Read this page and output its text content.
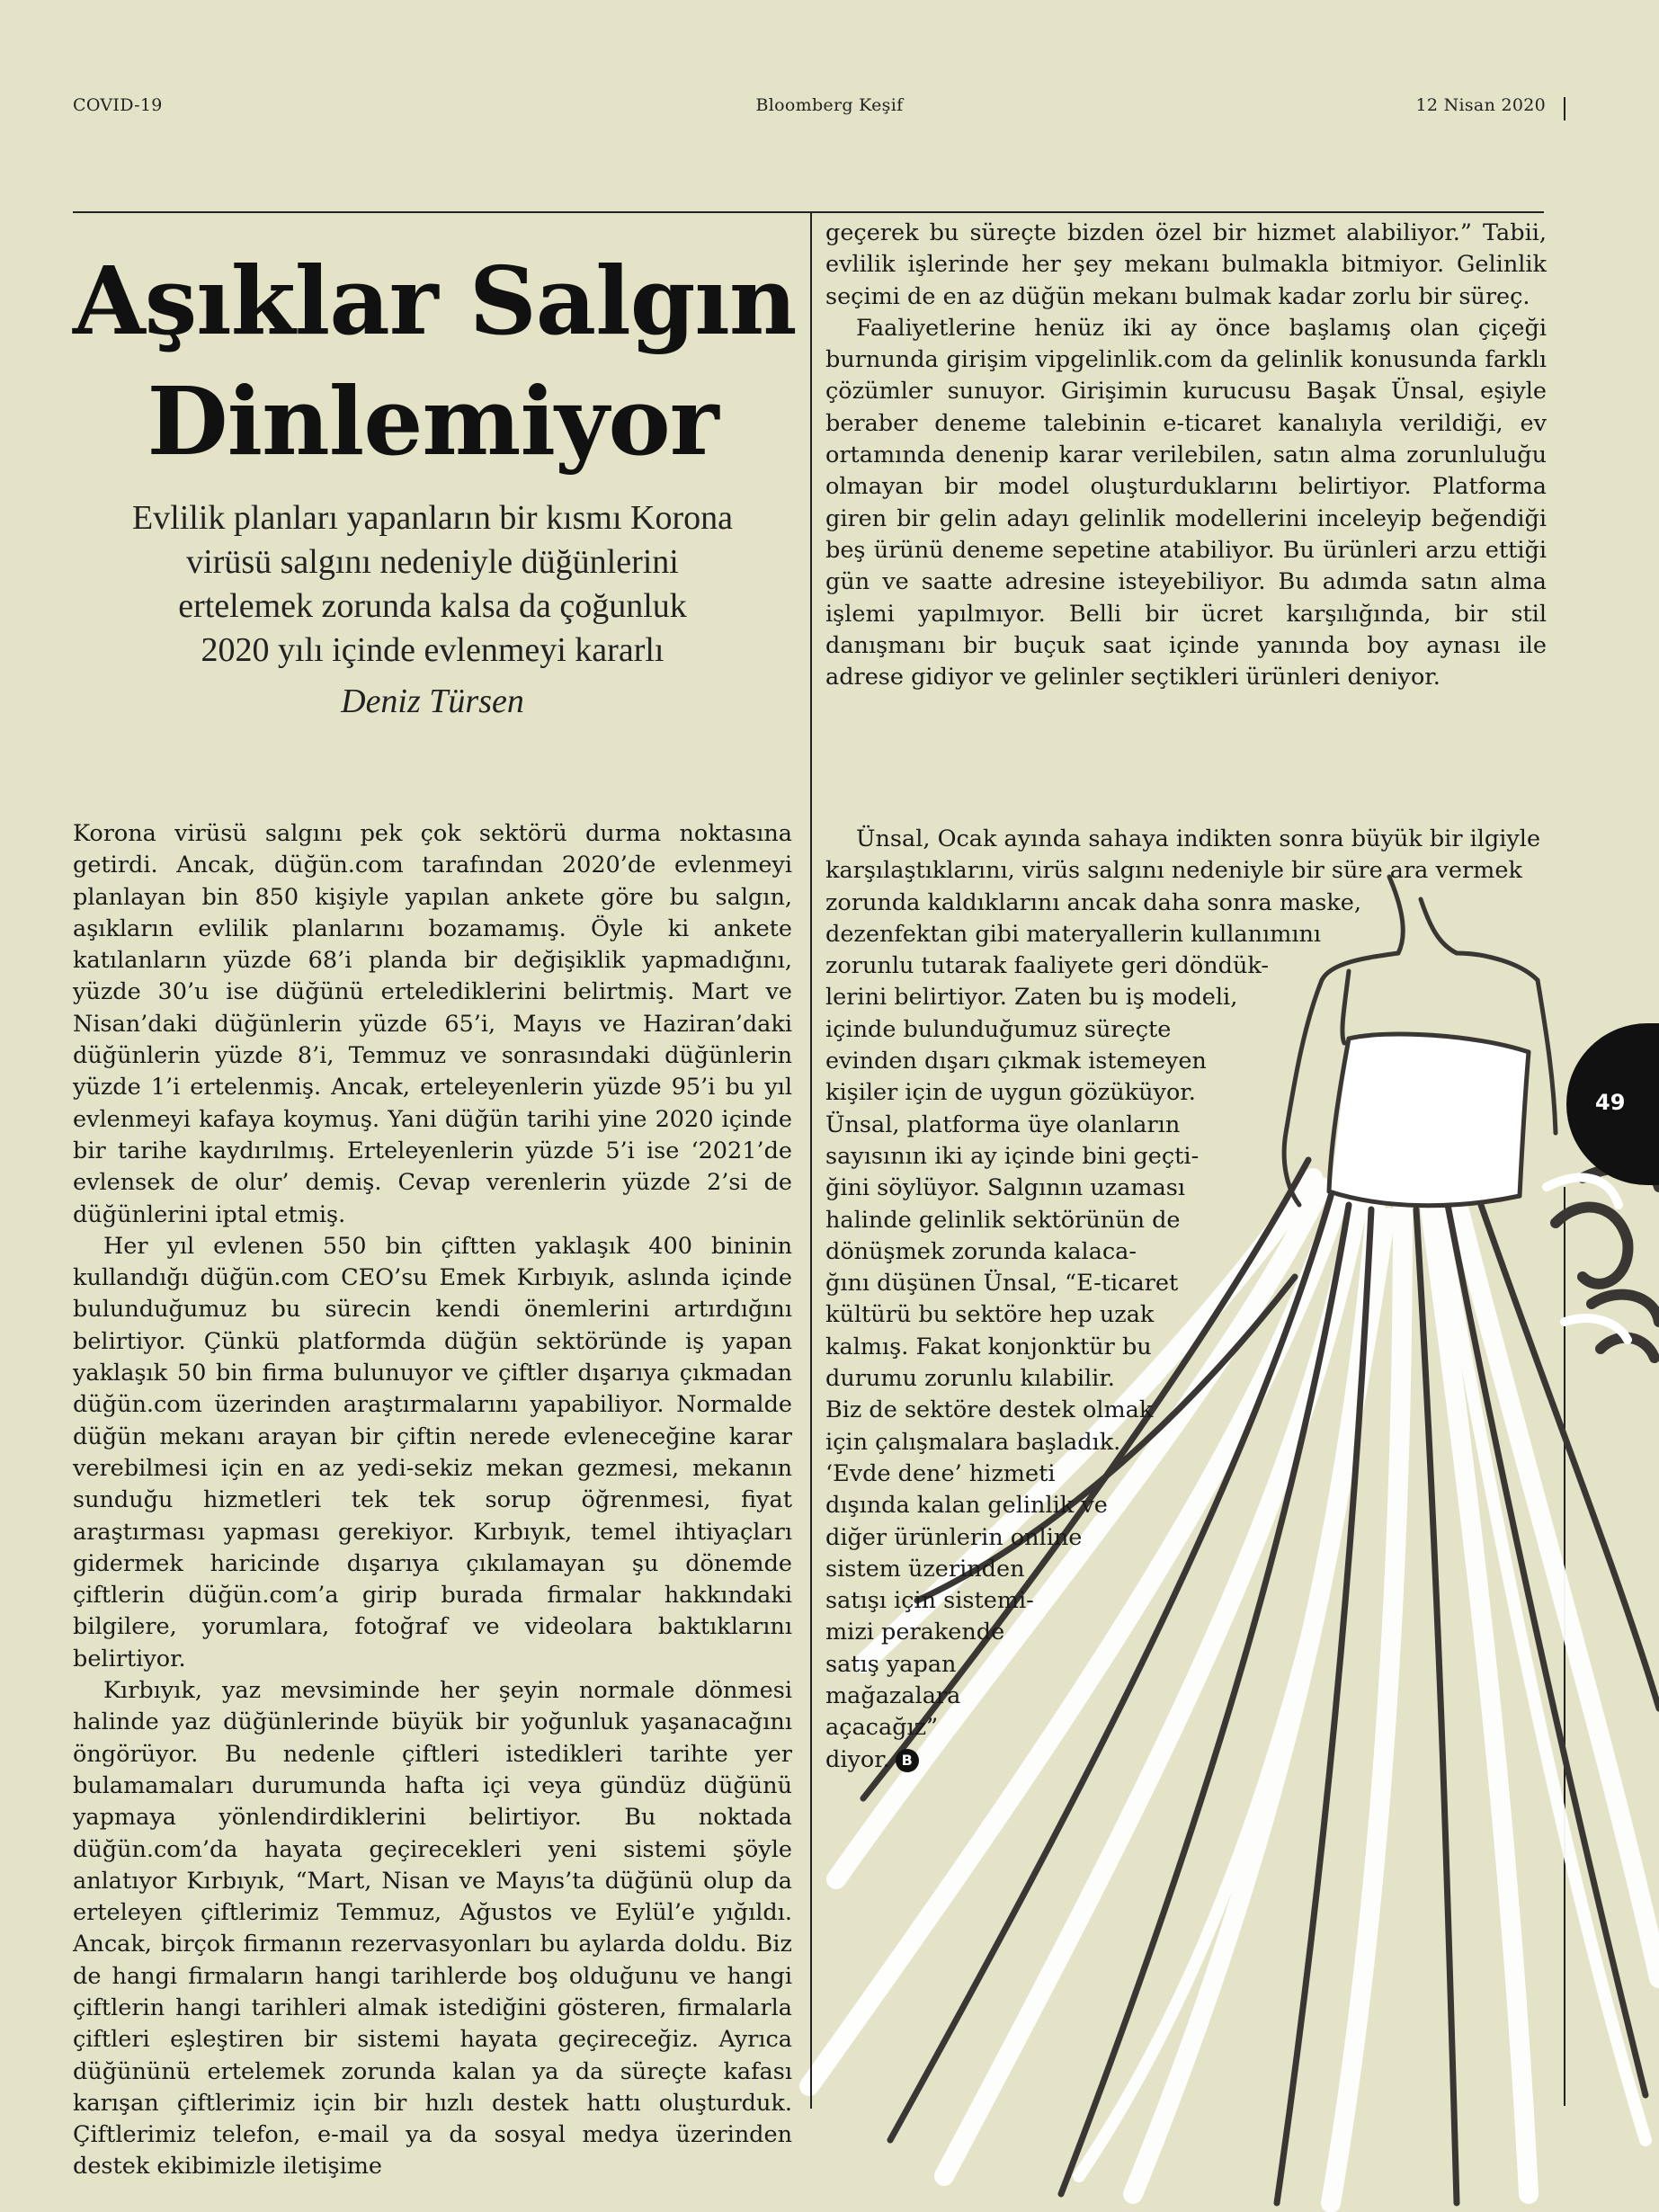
COVID-19	Bloomberg Keşif	12 Nisan 2020
Aşıklar Salgın
Dinlemiyor

Evlilik planları yapanların bir kısmı Korona
virüsü salgını nedeniyle düğünlerini
ertelemek zorunda kalsa da çoğunluk
2020 yılı içinde evlenmeyi kararlı

Deniz Türsen

Korona virüsü salgını pek çok sektörü durma noktasına getirdi. Ancak, düğün.com tarafından 2020’de evlenmeyi planlayan bin 850 kişiyle yapılan ankete göre bu salgın, aşıkların evlilik planlarını bozamamış. Öyle ki ankete katılanların yüzde 68’i planda bir değişiklik yapmadığını, yüzde 30’u ise düğünü ertelediklerini belirtmiş. Mart ve Nisan’daki düğünlerin yüzde 65’i, Mayıs ve Haziran’daki düğünlerin yüzde 8’i, Temmuz ve sonrasındaki düğünlerin yüzde 1’i ertelenmiş. Ancak, erteleyenlerin yüzde 95’i bu yıl evlenmeyi kafaya koymuş. Yani düğün tarihi yine 2020 içinde bir tarihe kaydırılmış. Erteleyenlerin yüzde 5’i ise ‘2021’de evlensek de olur’ demiş. Cevap verenlerin yüzde 2’si de düğünlerini iptal etmiş.

Her yıl evlenen 550 bin çiftten yaklaşık 400 bininin kullandığı düğün.com CEO’su Emek Kırbıyık, aslında içinde bulunduğumuz bu sürecin kendi önemlerini artırdığını belirtiyor. Çünkü platformda düğün sektöründe iş yapan yaklaşık 50 bin firma bulunuyor ve çiftler dışarıya çıkmadan düğün.com üzerinden araştırmalarını yapabiliyor. Normalde düğün mekanı arayan bir çiftin nerede evleneceğine karar verebilmesi için en az yedi-sekiz mekan gezmesi, mekanın sunduğu hizmetleri tek tek sorup öğrenmesi, fiyat araştırması yapması gerekiyor. Kırbıyık, temel ihtiyaçları gidermek haricinde dışarıya çıkılamayan şu dönemde çiftlerin düğün.com’a girip burada firmalar hakkındaki bilgilere, yorumlara, fotoğraf ve videolara baktıklarını belirtiyor.

Kırbıyık, yaz mevsiminde her şeyin normale dönmesi halinde yaz düğünlerinde büyük bir yoğunluk yaşanacağını öngörüyor. Bu nedenle çiftleri istedikleri tarihte yer bulamamaları durumunda hafta içi veya gündüz düğünü yapmaya yönlendirdiklerini belirtiyor. Bu noktada düğün.com’da hayata geçirecekleri yeni sistemi şöyle anlatıyor Kırbıyık, “Mart, Nisan ve Mayıs’ta düğünü olup da erteleyen çiftlerimiz Temmuz, Ağustos ve Eylül’e yığıldı. Ancak, birçok firmanın rezervasyonları bu aylarda doldu. Biz de hangi firmaların hangi tarihlerde boş olduğunu ve hangi çiftlerin hangi tarihleri almak istediğini gösteren, firmalarla çiftleri eşleştiren bir sistemi hayata geçireceğiz. Ayrıca düğününü ertelemek zorunda kalan ya da süreçte kafası karışan çiftlerimiz için bir hızlı destek hattı oluşturduk. Çiftlerimiz telefon, e-mail ya da sosyal medya üzerinden destek ekibimizle iletişime

geçerek bu süreçte bizden özel bir hizmet alabiliyor.” Tabii, evlilik işlerinde her şey mekanı bulmakla bitmiyor. Gelinlik seçimi de en az düğün mekanı bulmak kadar zorlu bir süreç.

Faaliyetlerine henüz iki ay önce başlamış olan çiçeği burnunda girişim vipgelinlik.com da gelinlik konusunda farklı çözümler sunuyor. Girişimin kurucusu Başak Ünsal, eşiyle beraber deneme talebinin e-ticaret kanalıyla verildiği, ev ortamında denenip karar verilebilen, satın alma zorunluluğu olmayan bir model oluşturduklarını belirtiyor. Platforma giren bir gelin adayı gelinlik modellerini inceleyip beğendiği beş ürünü deneme sepetine atabiliyor. Bu ürünleri arzu ettiği gün ve saatte adresine isteyebiliyor. Bu adımda satın alma işlemi yapılmıyor. Belli bir ücret karşılığında, bir stil danışmanı bir buçuk saat içinde yanında boy aynası ile adrese gidiyor ve gelinler seçtikleri ürünleri deniyor.

Ünsal, Ocak ayında sahaya indikten sonra büyük bir ilgiyle
karşılaştıklarını, virüs salgını nedeniyle bir süre ara vermek
zorunda kaldıklarını ancak daha sonra maske,
dezenfektan gibi materyallerin kullanımını
zorunlu tutarak faaliyete geri döndük-
lerini belirtiyor. Zaten bu iş modeli,
içinde bulunduğumuz süreçte
evinden dışarı çıkmak istemeyen
kişiler için de uygun gözüküyor.
Ünsal, platforma üye olanların
sayısının iki ay içinde bini geçti-
ğini söylüyor. Salgının uzaması
halinde gelinlik sektörünün de
dönüşmek zorunda kalaca-
ğını düşünen Ünsal, “E-ticaret
kültürü bu sektöre hep uzak
kalmış. Fakat konjonktür bu
durumu zorunlu kılabilir.
Biz de sektöre destek olmak
için çalışmalara başladık.
‘Evde dene’ hizmeti
dışında kalan gelinlik ve
diğer ürünlerin online
sistem üzerinden
satışı için sistemi-
mizi perakende
satış yapan
mağazalara
açacağız”
diyor. B
49
